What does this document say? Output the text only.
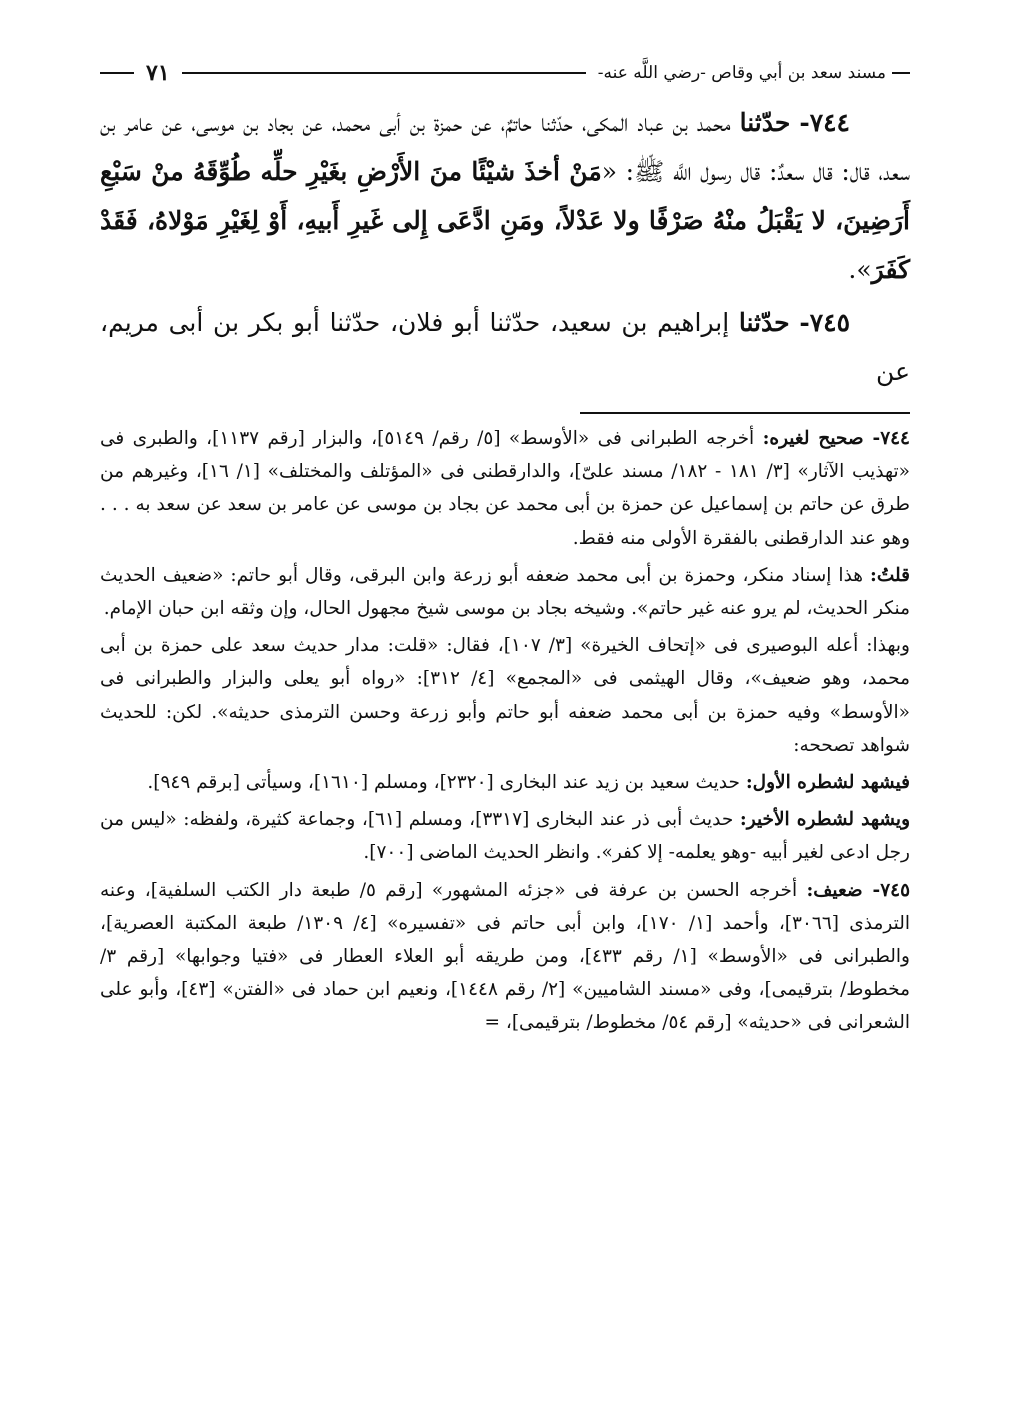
مسند سعد بن أبي وقاص -رضي اللَّه عنه-
٧١

٧٤٤- حدّثنا محمد بن عباد المكى، حدّثنا حاتمٌ، عن حمزة بن أبى محمد، عن بجاد بن موسى، عن عامر بن سعد، قال: قال سعدٌ: قال رسول اللَّه ﷺ: «مَنْ أخذَ شيْئًا منَ الأَرْضِ بغَيْرِ حلِّه طُوِّقَهُ منْ سَبْعِ أَرَضِينَ، لا يَقْبَلُ منْهُ صَرْفًا ولا عَدْلاً، ومَنِ ادَّعَى إِلى غَيرِ أَبيهِ، أَوْ لِغَيْرِ مَوْلاهُ، فَقَدْ كَفَرَ».

٧٤٥- حدّثنا إبراهيم بن سعيد، حدّثنا أبو فلان، حدّثنا أبو بكر بن أبى مريم، عن

٧٤٤- صحيح لغيره: أخرجه الطبرانى فى «الأوسط» [٥/ رقم/ ٥١٤٩]، والبزار [رقم ١١٣٧]، والطبرى فى «تهذيب الآثار» [٣/ ١٨١ - ١٨٢/ مسند علىّ]، والدارقطنى فى «المؤتلف والمختلف» [١/ ١٦]، وغيرهم من طرق عن حاتم بن إسماعيل عن حمزة بن أبى محمد عن بجاد بن موسى عن عامر بن سعد عن سعد به . . . وهو عند الدارقطنى بالفقرة الأولى منه فقط.

قلتُ: هذا إسناد منكر، وحمزة بن أبى محمد ضعفه أبو زرعة وابن البرقى، وقال أبو حاتم: «ضعيف الحديث منكر الحديث، لم يرو عنه غير حاتم». وشيخه بجاد بن موسى شيخ مجهول الحال، وإن وثقه ابن حبان الإمام.

وبهذا: أعله البوصيرى فى «إتحاف الخيرة» [٣/ ١٠٧]، فقال: «قلت: مدار حديث سعد على حمزة بن أبى محمد، وهو ضعيف»، وقال الهيثمى فى «المجمع» [٤/ ٣١٢]: «رواه أبو يعلى والبزار والطبرانى فى «الأوسط» وفيه حمزة بن أبى محمد ضعفه أبو حاتم وأبو زرعة وحسن الترمذى حديثه». لكن: للحديث شواهد تصححه:

فيشهد لشطره الأول: حديث سعيد بن زيد عند البخارى [٢٣٢٠]، ومسلم [١٦١٠]، وسيأتى [برقم ٩٤٩].

ويشهد لشطره الأخير: حديث أبى ذر عند البخارى [٣٣١٧]، ومسلم [٦١]، وجماعة كثيرة، ولفظه: «ليس من رجل ادعى لغير أبيه -وهو يعلمه- إلا كفر». وانظر الحديث الماضى [٧٠٠].

٧٤٥- ضعيف: أخرجه الحسن بن عرفة فى «جزئه المشهور» [رقم ٥/ طبعة دار الكتب السلفية]، وعنه الترمذى [٣٠٦٦]، وأحمد [١/ ١٧٠]، وابن أبى حاتم فى «تفسيره» [٤/ ١٣٠٩/ طبعة المكتبة العصرية]، والطبرانى فى «الأوسط» [١/ رقم ٤٣٣]، ومن طريقه أبو العلاء العطار فى «فتيا وجوابها» [رقم ٣/ مخطوط/ بترقيمى]، وفى «مسند الشاميين» [٢/ رقم ١٤٤٨]، ونعيم ابن حماد فى «الفتن» [٤٣]، وأبو على الشعرانى فى «حديثه» [رقم ٥٤/ مخطوط/ بترقيمى]، =
